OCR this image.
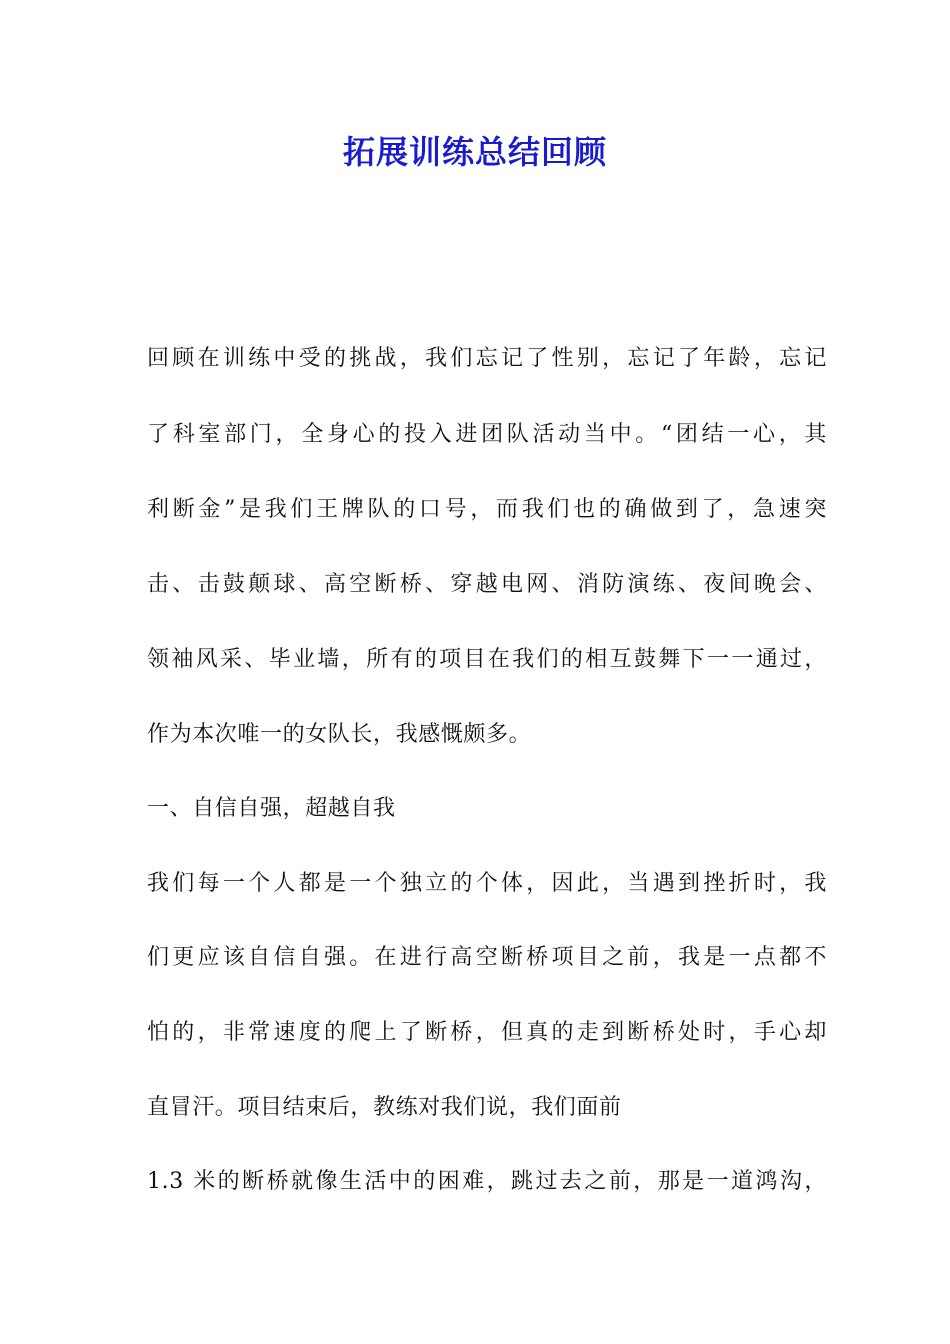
拓展训练总结回顾
回顾在训练中受的挑战，我们忘记了性别，忘记了年龄，忘记
了科室部门，全身心的投入进团队活动当中。“团结一心，其
利断金”是我们王牌队的口号，而我们也的确做到了，急速突
击、击鼓颠球、高空断桥、穿越电网、消防演练、夜间晚会、
领袖风采、毕业墙，所有的项目在我们的相互鼓舞下一一通过，
作为本次唯一的女队长，我感慨颇多。
一、自信自强，超越自我
我们每一个人都是一个独立的个体，因此，当遇到挫折时，我
们更应该自信自强。在进行高空断桥项目之前，我是一点都不
怕的，非常速度的爬上了断桥，但真的走到断桥处时，手心却
直冒汗。项目结束后，教练对我们说，我们面前
1.3 米的断桥就像生活中的困难，跳过去之前，那是一道鸿沟，
